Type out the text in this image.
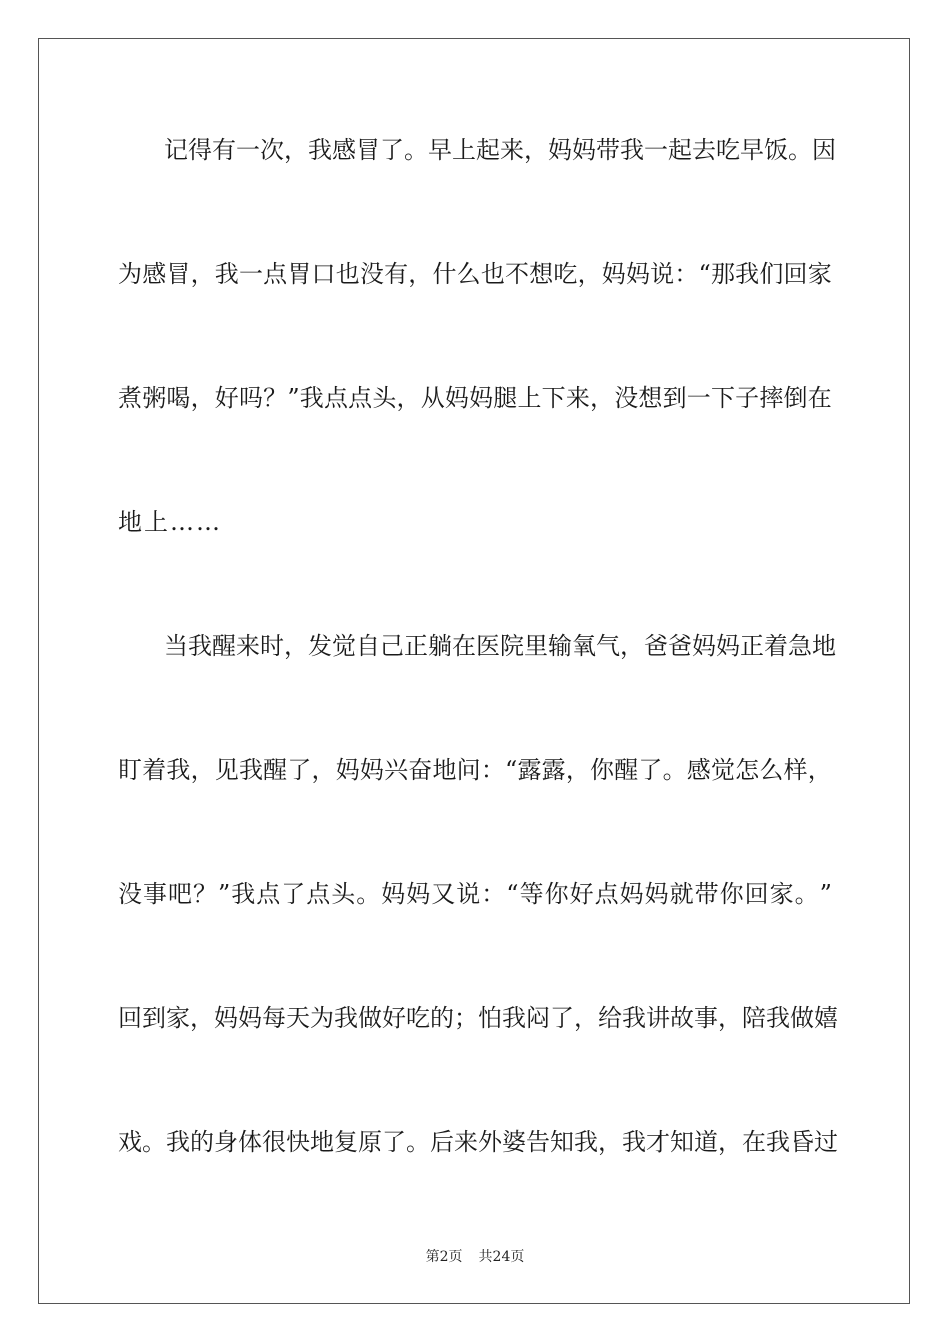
记 得 有 一 次 ， 我 感 冒 了 。 早 上 起 来 ， 妈 妈 带 我 一 起 去 吃 早 饭 。 因
为 感 冒 ， 我 一 点 胃 口 也 没 有 ， 什 么 也 不 想 吃 ， 妈 妈 说 ： “ 那 我 们 回 家
煮 粥 喝 ， 好 吗 ？ ” 我 点 点 头 ， 从 妈 妈 腿 上 下 来 ， 没 想 到 一 下 子 摔 倒 在
地上……
当 我 醒 来 时 ， 发 觉 自 己 正 躺 在 医 院 里 输 氧 气 ， 爸 爸 妈 妈 正 着 急 地
盯 着 我 ， 见 我 醒 了 ， 妈 妈 兴 奋 地 问 ： “ 露 露 ， 你 醒 了 。 感 觉 怎 么 样 ，
没 事 吧 ？ ” 我 点 了 点 头 。 妈 妈 又 说 ： “ 等 你 好 点 妈 妈 就 带 你 回 家 。 ”
回 到 家 ， 妈 妈 每 天 为 我 做 好 吃 的 ； 怕 我 闷 了 ， 给 我 讲 故 事 ， 陪 我 做 嬉
戏 。 我 的 身 体 很 快 地 复 原 了 。 后 来 外 婆 告 知 我 ， 我 才 知 道 ， 在 我 昏 过
第2页 共24页
